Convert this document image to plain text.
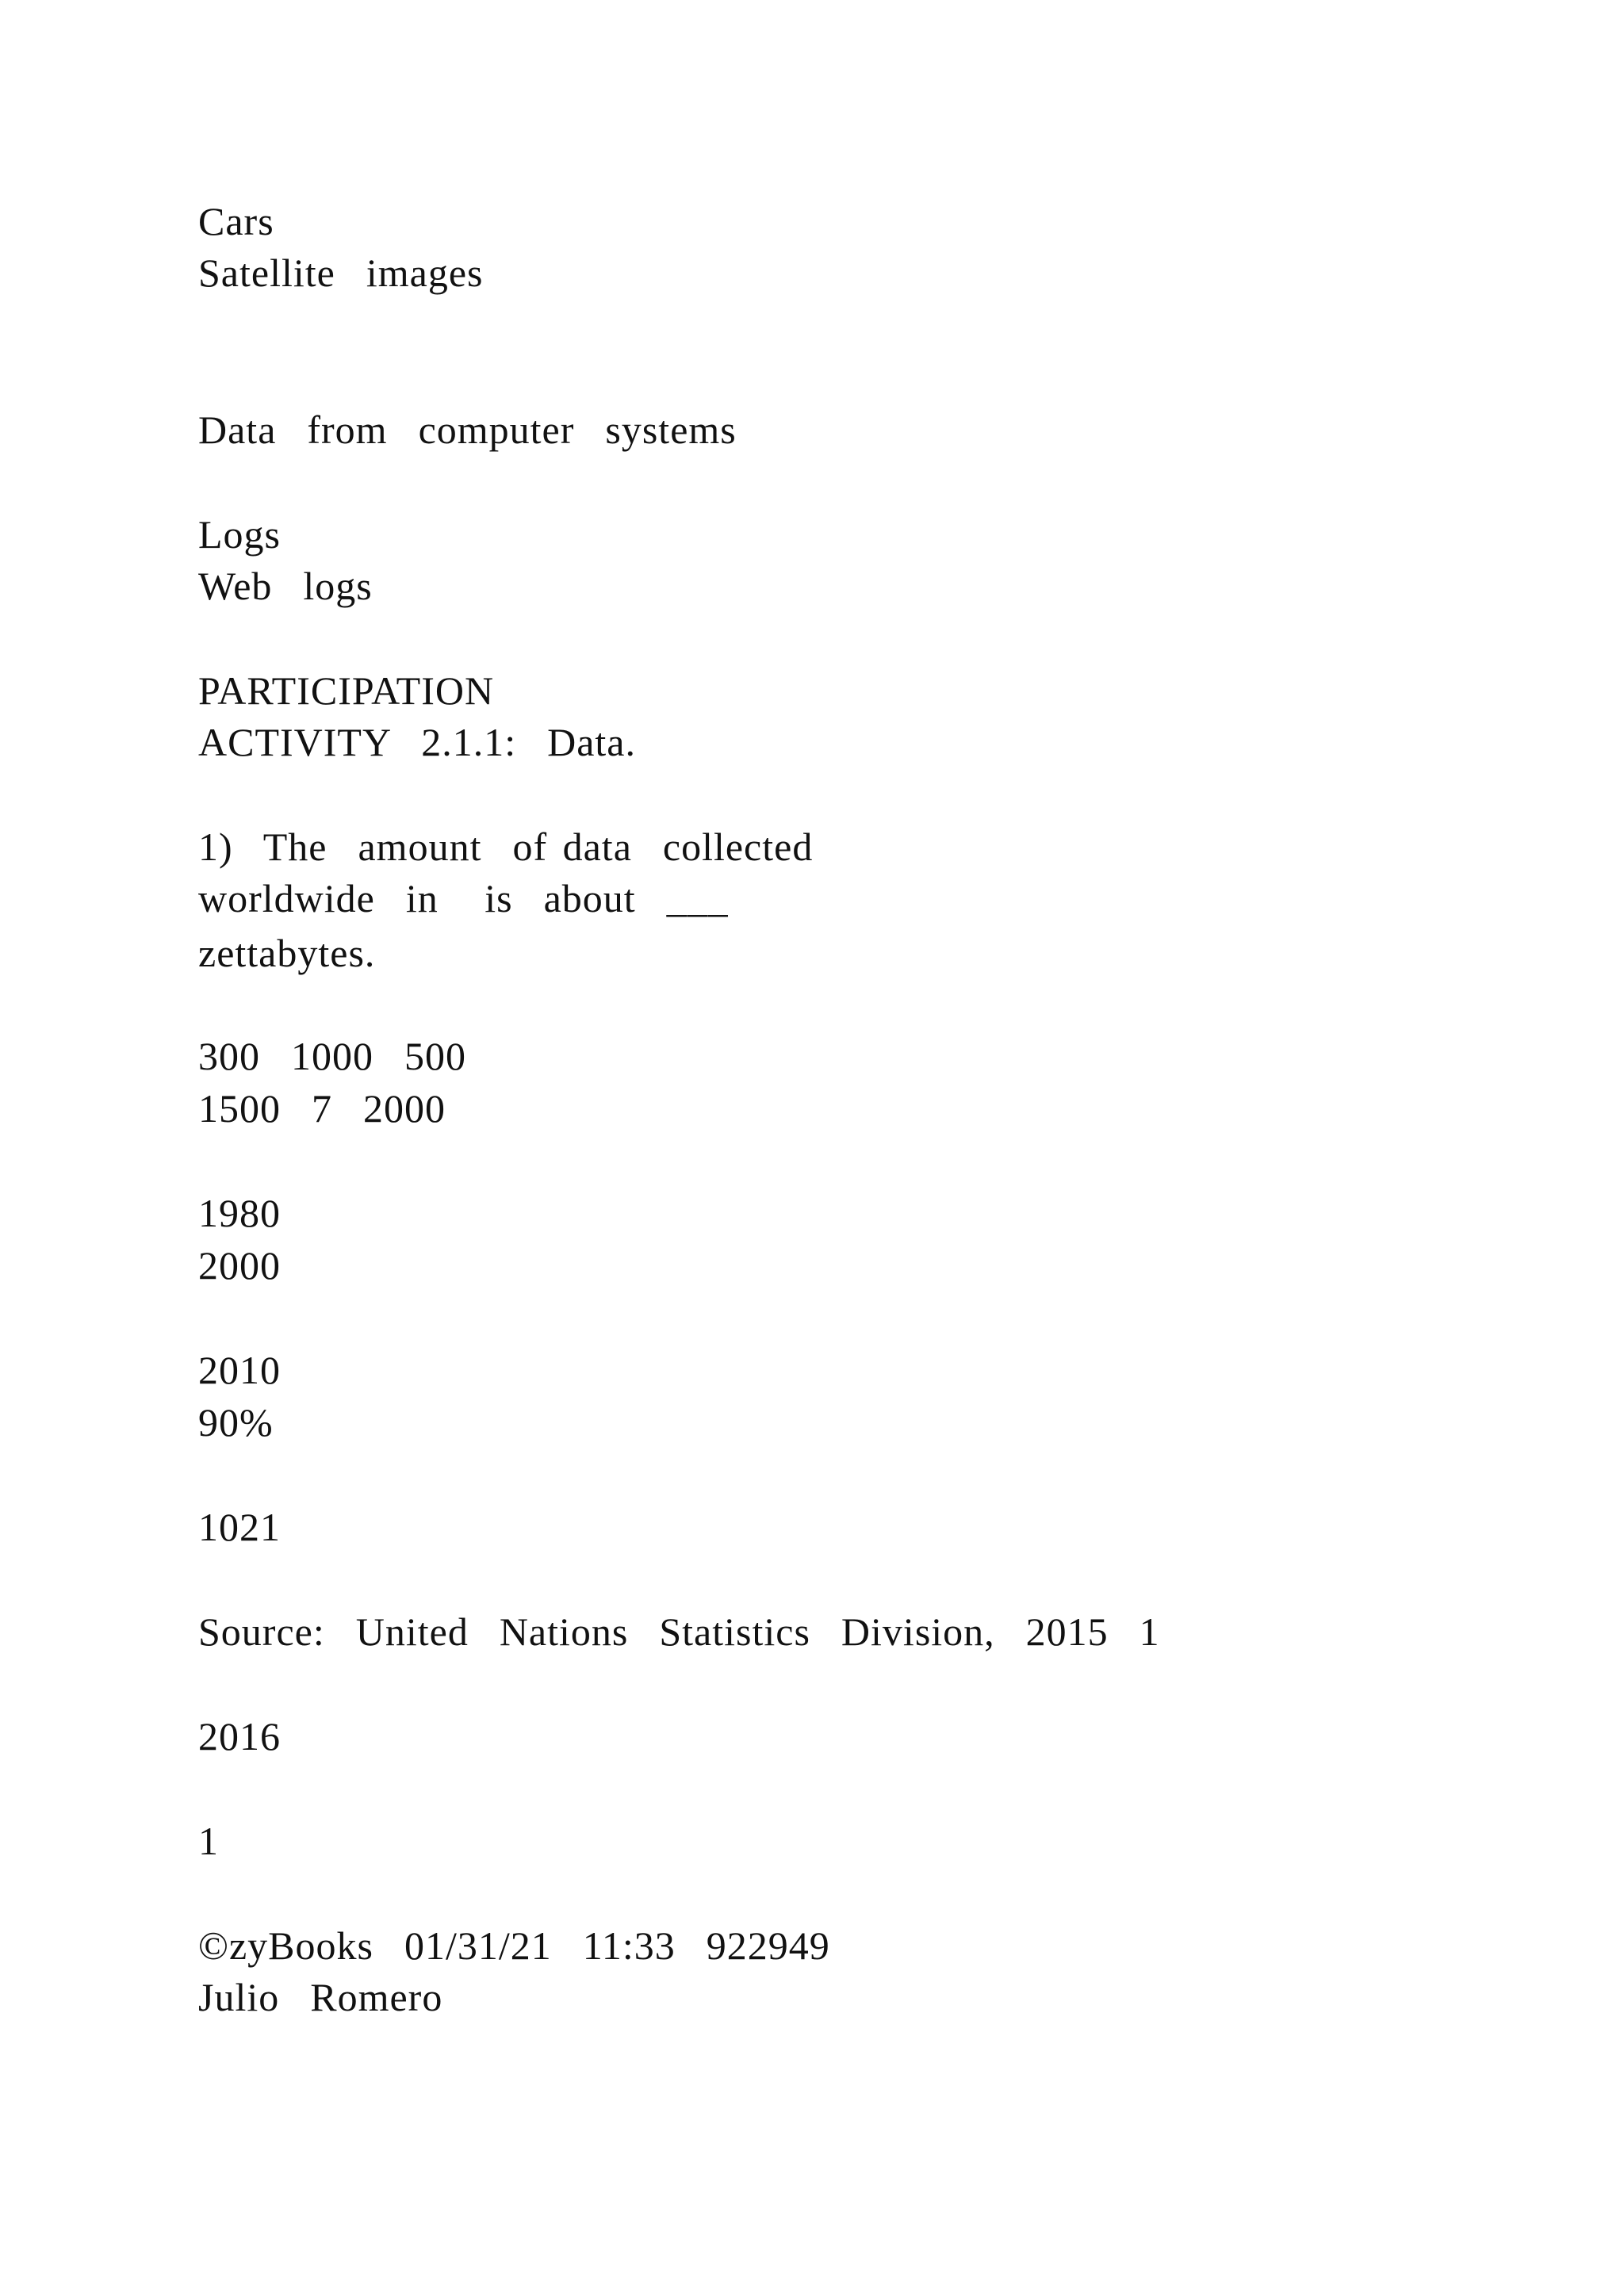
Cars
Satellite  images
Data  from  computer  systems
Logs
Web  logs
PARTICIPATION
ACTIVITY  2.1.1:  Data.
1)  The  amount  of data  collected
worldwide  in   is  about  ___
zettabytes.
300  1000  500
1500  7  2000
1980
2000
2010
90%
1021
Source:  United  Nations  Statistics  Division,  2015  1
2016
1
©zyBooks  01/31/21  11:33  922949
Julio  Romero
